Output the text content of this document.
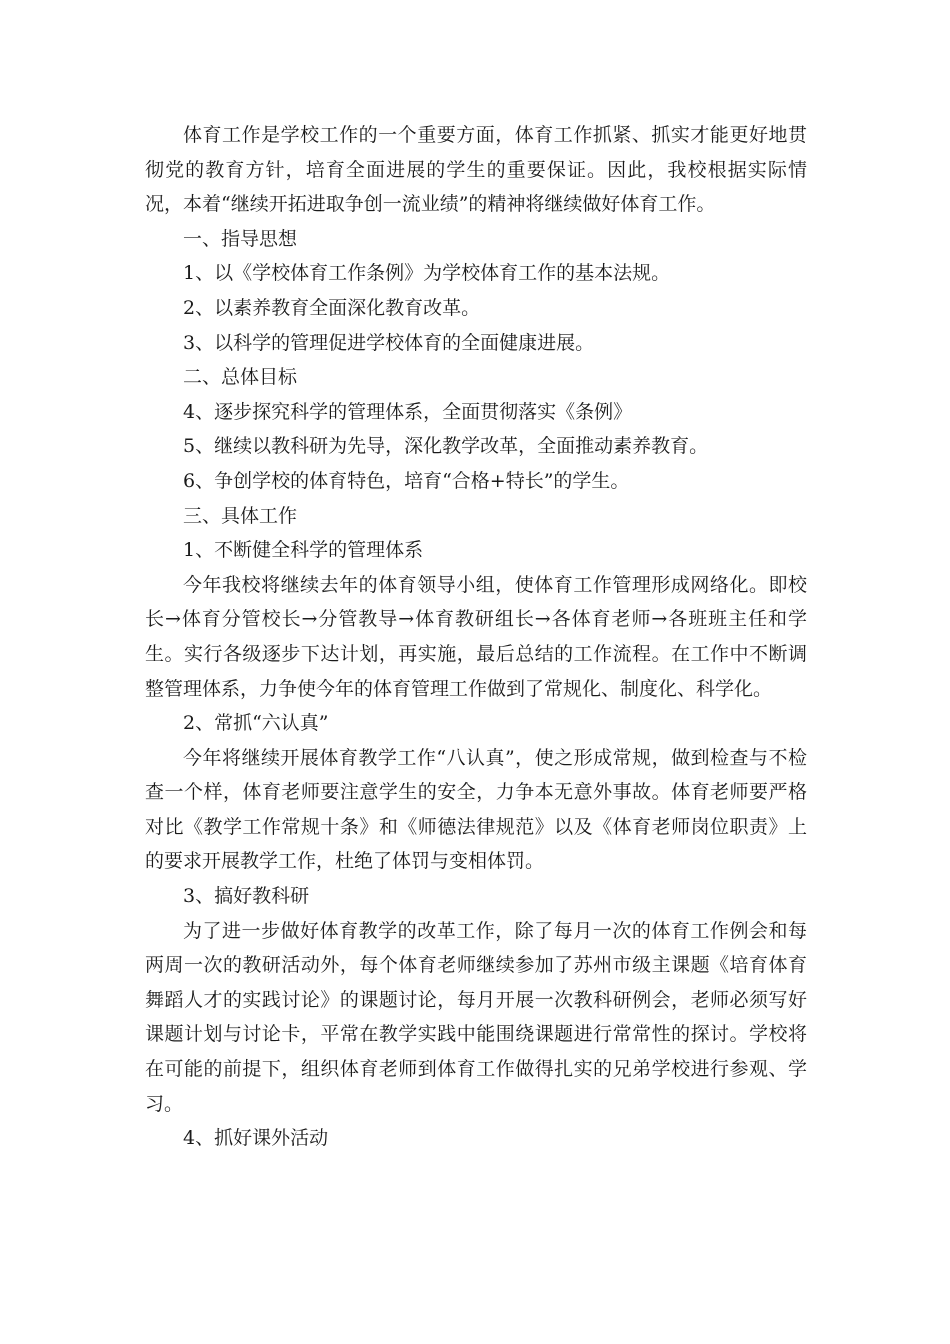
体育工作是学校工作的一个重要方面，体育工作抓紧、抓实才能更好地贯彻党的教育方针，培育全面进展的学生的重要保证。因此，我校根据实际情况，本着“继续开拓进取争创一流业绩”的精神将继续做好体育工作。

一、指导思想

1、以《学校体育工作条例》为学校体育工作的基本法规。

2、以素养教育全面深化教育改革。

3、以科学的管理促进学校体育的全面健康进展。

二、总体目标

4、逐步探究科学的管理体系，全面贯彻落实《条例》

5、继续以教科研为先导，深化教学改革，全面推动素养教育。

6、争创学校的体育特色，培育“合格+特长”的学生。

三、具体工作

1、不断健全科学的管理体系

今年我校将继续去年的体育领导小组，使体育工作管理形成网络化。即校长→体育分管校长→分管教导→体育教研组长→各体育老师→各班班主任和学生。实行各级逐步下达计划，再实施，最后总结的工作流程。在工作中不断调整管理体系，力争使今年的体育管理工作做到了常规化、制度化、科学化。

2、常抓“六认真”

今年将继续开展体育教学工作“八认真”，使之形成常规，做到检查与不检查一个样，体育老师要注意学生的安全，力争本无意外事故。体育老师要严格对比《教学工作常规十条》和《师德法律规范》以及《体育老师岗位职责》上的要求开展教学工作，杜绝了体罚与变相体罚。

3、搞好教科研

为了进一步做好体育教学的改革工作，除了每月一次的体育工作例会和每两周一次的教研活动外，每个体育老师继续参加了苏州市级主课题《培育体育舞蹈人才的实践讨论》的课题讨论，每月开展一次教科研例会，老师必须写好课题计划与讨论卡，平常在教学实践中能围绕课题进行常常性的探讨。学校将在可能的前提下，组织体育老师到体育工作做得扎实的兄弟学校进行参观、学习。

4、抓好课外活动
